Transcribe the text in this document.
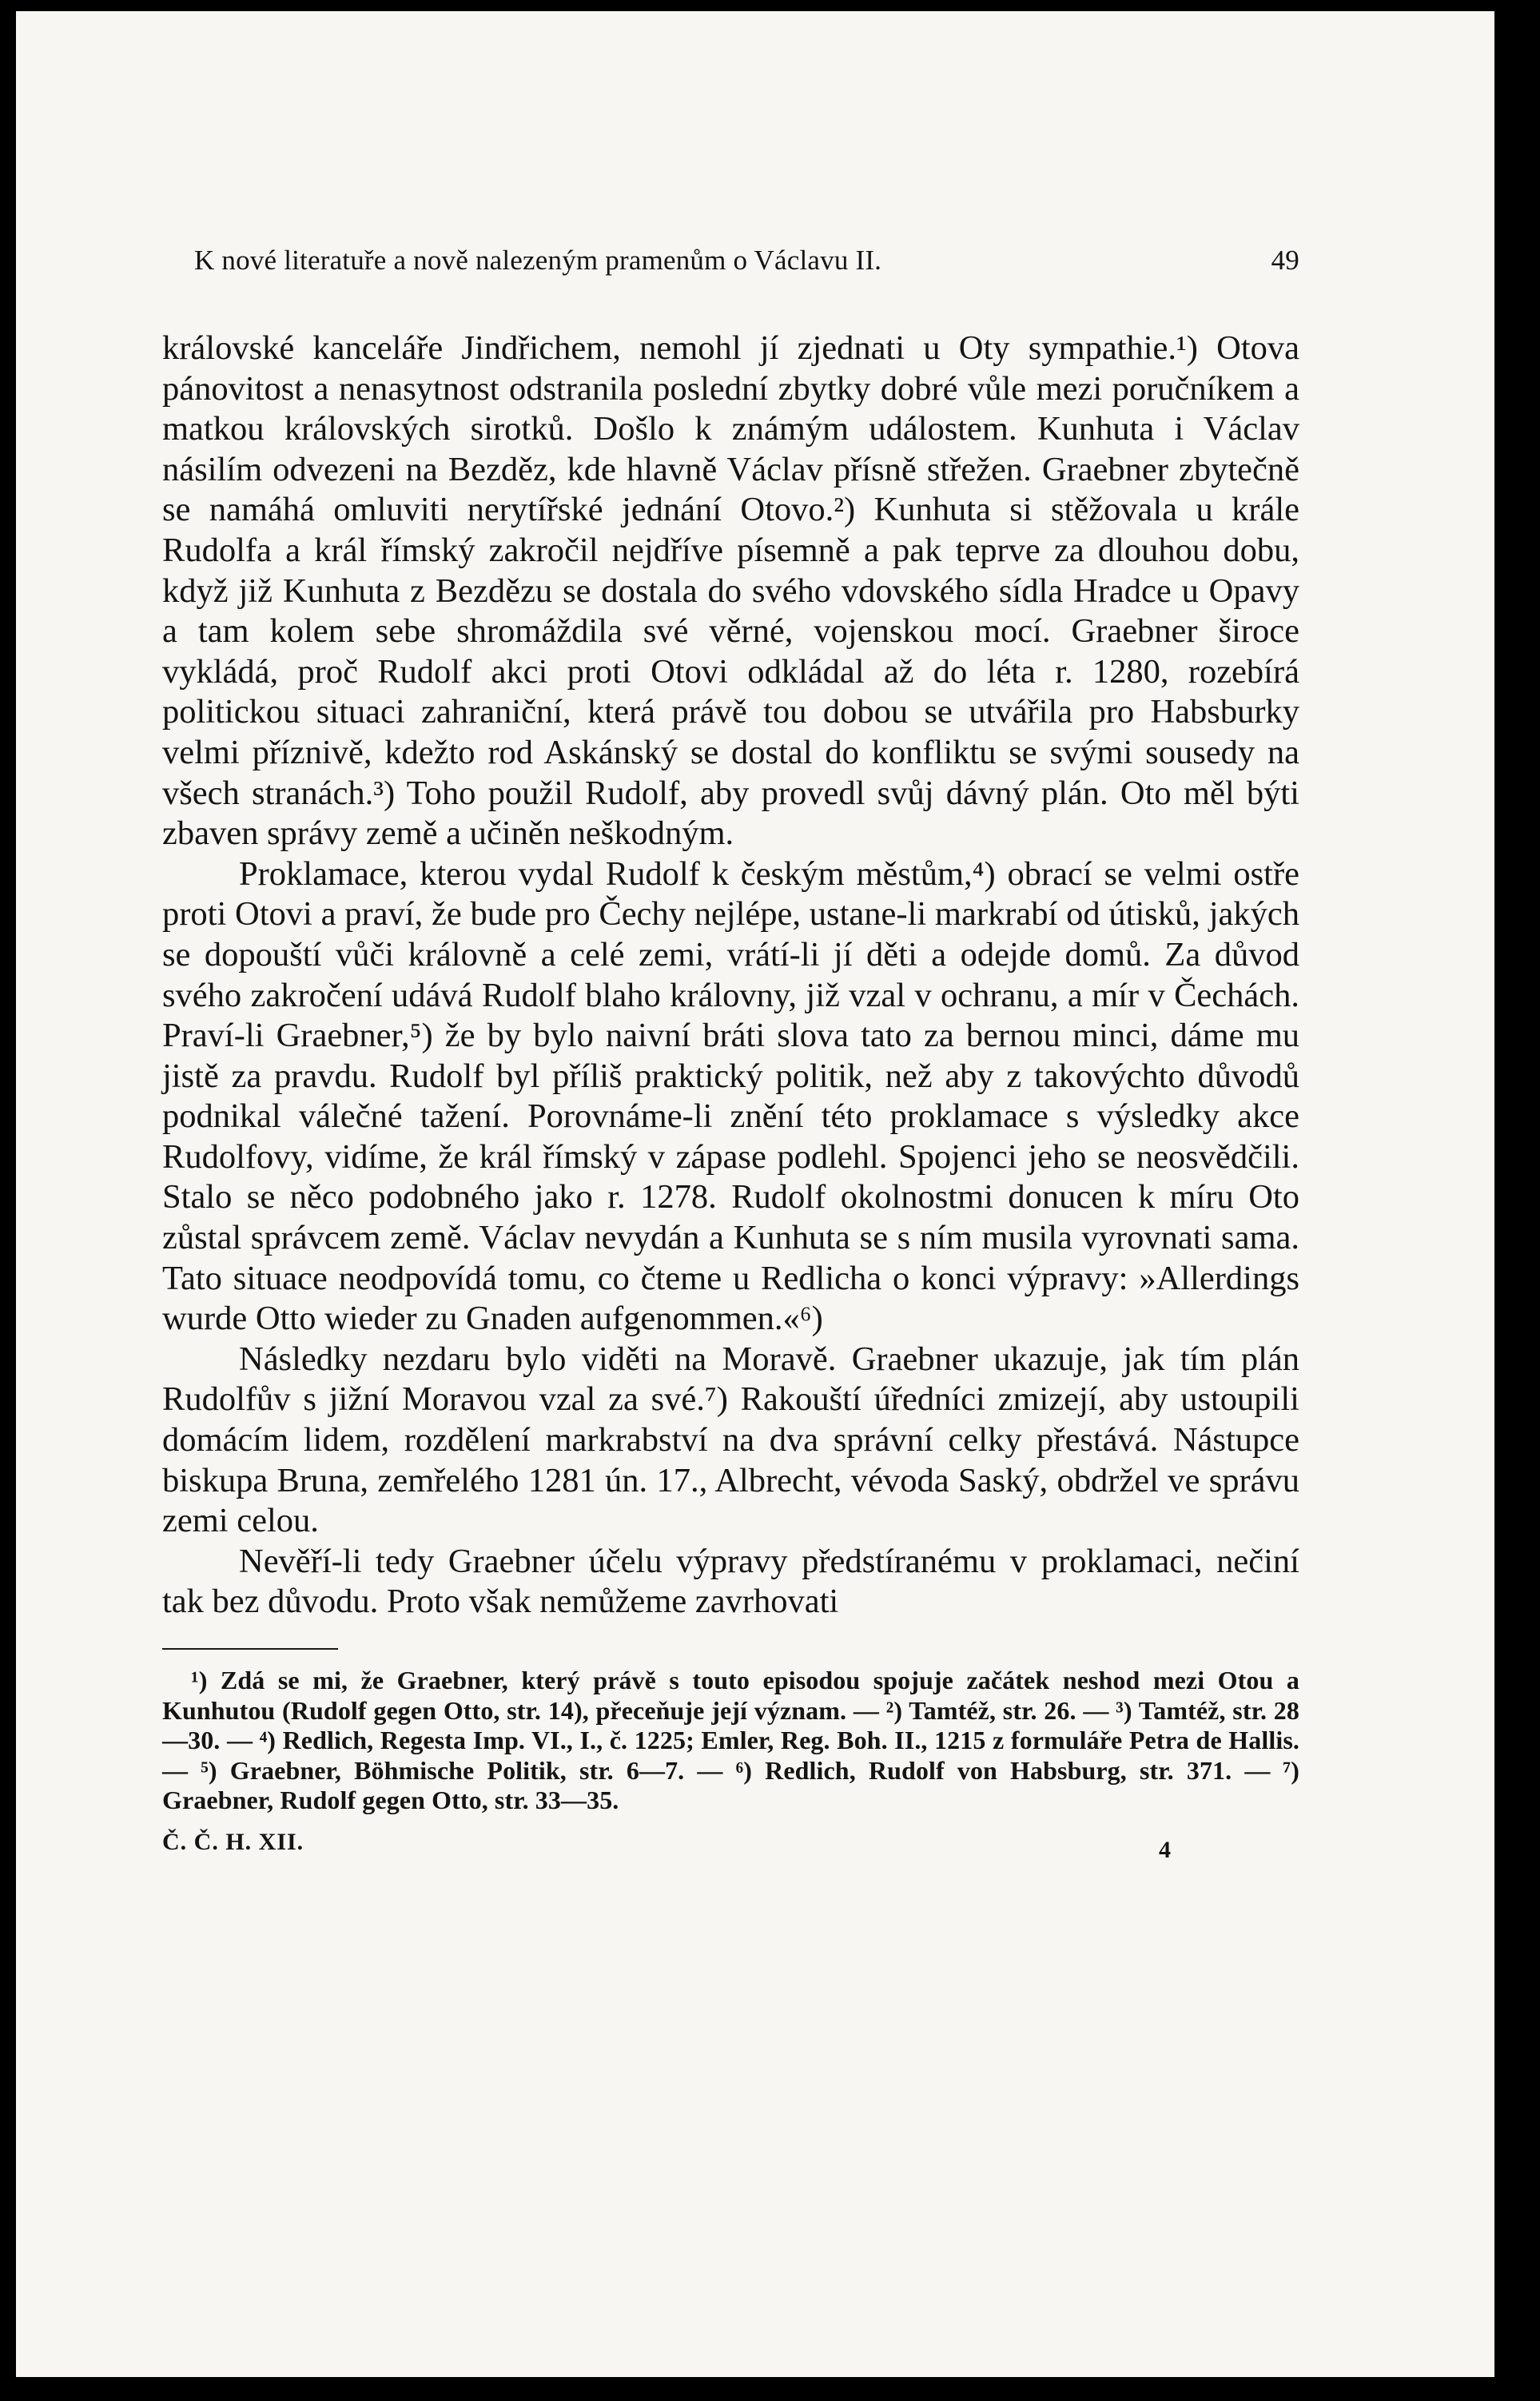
K nové literatuře a nově nalezeným pramenům o Václavu II.	49

královské kanceláře Jindřichem, nemohl jí zjednati u Oty sympathie.¹) Otova pánovitost a nenasytnost odstranila poslední zbytky dobré vůle mezi poručníkem a matkou královských sirotků. Došlo k známým událostem. Kunhuta i Václav násilím odvezeni na Bezděz, kde hlavně Václav přísně střežen. Graebner zbytečně se namáhá omluviti nerytířské jednání Otovo.²) Kunhuta si stěžovala u krále Rudolfa a král římský zakročil nejdříve písemně a pak teprve za dlouhou dobu, když již Kunhuta z Bezdězu se dostala do svého vdovského sídla Hradce u Opavy a tam kolem sebe shromáždila své věrné, vojenskou mocí. Graebner široce vykládá, proč Rudolf akci proti Otovi odkládal až do léta r. 1280, rozebírá politickou situaci zahraniční, která právě tou dobou se utvářila pro Habsburky velmi příznivě, kdežto rod Askánský se dostal do konfliktu se svými sousedy na všech stranách.³) Toho použil Rudolf, aby provedl svůj dávný plán. Oto měl býti zbaven správy země a učiněn neškodným.

Proklamace, kterou vydal Rudolf k českým městům,⁴) obrací se velmi ostře proti Otovi a praví, že bude pro Čechy nejlépe, ustane-li markrabí od útisků, jakých se dopouští vůči královně a celé zemi, vrátí-li jí děti a odejde domů. Za důvod svého zakročení udává Rudolf blaho královny, již vzal v ochranu, a mír v Čechách. Praví-li Graebner,⁵) že by bylo naivní bráti slova tato za bernou minci, dáme mu jistě za pravdu. Rudolf byl příliš praktický politik, než aby z takovýchto důvodů podnikal válečné tažení. Porovnáme-li znění této proklamace s výsledky akce Rudolfovy, vidíme, že král římský v zápase podlehl. Spojenci jeho se neosvědčili. Stalo se něco podobného jako r. 1278. Rudolf okolnostmi donucen k míru Oto zůstal správcem země. Václav nevydán a Kunhuta se s ním musila vyrovnati sama. Tato situace neodpovídá tomu, co čteme u Redlicha o konci výpravy: »Allerdings wurde Otto wieder zu Gnaden aufgenommen.«⁶)

Následky nezdaru bylo viděti na Moravě. Graebner ukazuje, jak tím plán Rudolfův s jižní Moravou vzal za své.⁷) Rakouští úředníci zmizejí, aby ustoupili domácím lidem, rozdělení markrabství na dva správní celky přestává. Nástupce biskupa Bruna, zemřelého 1281 ún. 17., Albrecht, vévoda Saský, obdržel ve správu zemi celou.

Nevěří-li tedy Graebner účelu výpravy předstíranému v proklamaci, nečiní tak bez důvodu. Proto však nemůžeme zavrhovati

¹) Zdá se mi, že Graebner, který právě s touto episodou spojuje začátek neshod mezi Otou a Kunhutou (Rudolf gegen Otto, str. 14), přeceňuje její význam. — ²) Tamtéž, str. 26. — ³) Tamtéž, str. 28—30. — ⁴) Redlich, Regesta Imp. VI., I., č. 1225; Emler, Reg. Boh. II., 1215 z formuláře Petra de Hallis. — ⁵) Graebner, Böhmische Politik, str. 6—7. — ⁶) Redlich, Rudolf von Habsburg, str. 371. — ⁷) Graebner, Rudolf gegen Otto, str. 33—35.

Č. Č. H. XII.	4
